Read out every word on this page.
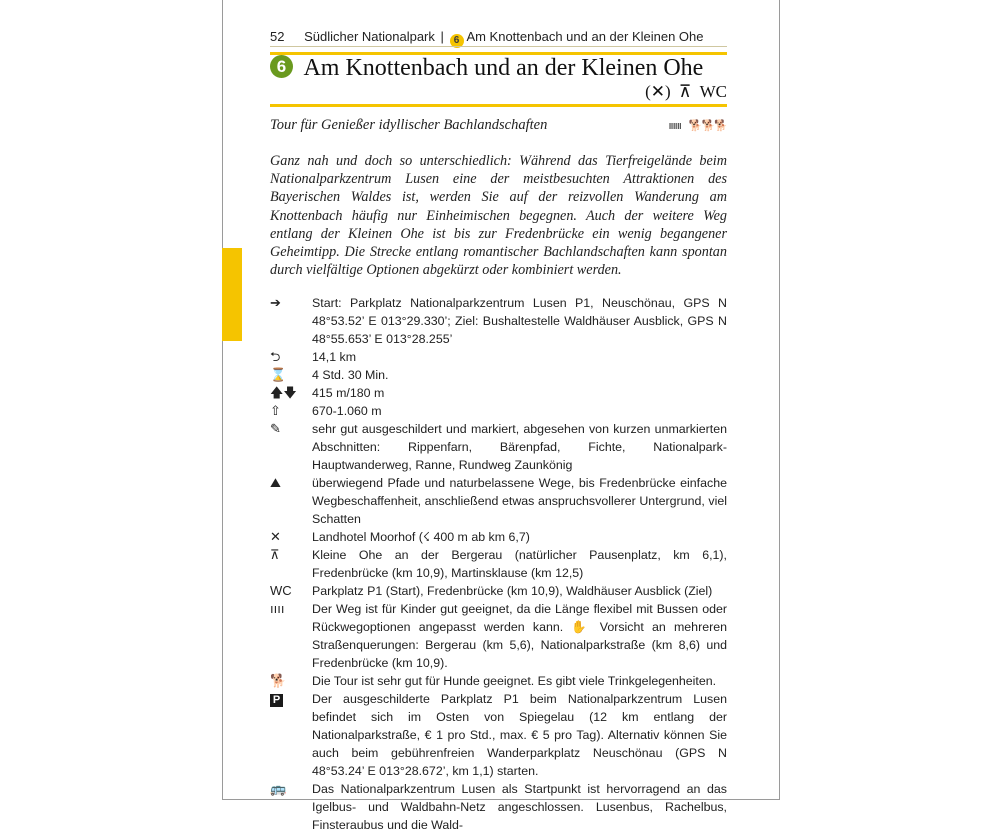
52 Südlicher Nationalpark | 6 Am Knottenbach und an der Kleinen Ohe
6 Am Knottenbach und an der Kleinen Ohe
(✕) ⊼ WC
Tour für Genießer idyllischer Bachlandschaften	ıııııı 🐕🐕🐕
Ganz nah und doch so unterschiedlich: Während das Tierfreigelände beim Nationalparkzentrum Lusen eine der meistbesuchten Attraktionen des Bayerischen Waldes ist, werden Sie auf der reizvollen Wanderung am Knottenbach häufig nur Einheimischen begegnen. Auch der weitere Weg entlang der Kleinen Ohe ist bis zur Fredenbrücke ein wenig begangener Geheimtipp. Die Strecke entlang romantischer Bachlandschaften kann spontan durch vielfältige Optionen abgekürzt oder kombiniert werden.
➔	Start: Parkplatz Nationalparkzentrum Lusen P1, Neuschönau, GPS N 48°53.52’ E 013°29.330’; Ziel: Bushaltestelle Waldhäuser Ausblick, GPS N 48°55.653’ E 013°28.255’
⮌	14,1 km
⌛	4 Std. 30 Min.
🡅🡇	415 m/180 m
⇧	670-1.060 m
✎	sehr gut ausgeschildert und markiert, abgesehen von kurzen unmarkierten Abschnitten: Rippenfarn, Bärenpfad, Fichte, Nationalpark-Hauptwanderweg, Ranne, Rundweg Zaunkönig
⛰	überwiegend Pfade und naturbelassene Wege, bis Fredenbrücke einfache Wegbeschaffenheit, anschließend etwas anspruchsvollerer Untergrund, viel Schatten
✕	Landhotel Moorhof (☇ 400 m ab km 6,7)
⊼	Kleine Ohe an der Bergerau (natürlicher Pausenplatz, km 6,1), Fredenbrücke (km 10,9), Martinsklause (km 12,5)
WC	Parkplatz P1 (Start), Fredenbrücke (km 10,9), Waldhäuser Ausblick (Ziel)
ıııı	Der Weg ist für Kinder gut geeignet, da die Länge flexibel mit Bussen oder Rückwegoptionen angepasst werden kann. ✋ Vorsicht an mehreren Straßenquerungen: Bergerau (km 5,6), Nationalparkstraße (km 8,6) und Fredenbrücke (km 10,9).
🐕	Die Tour ist sehr gut für Hunde geeignet. Es gibt viele Trinkgelegenheiten.
P	Der ausgeschilderte Parkplatz P1 beim Nationalparkzentrum Lusen befindet sich im Osten von Spiegelau (12 km entlang der Nationalparkstraße, € 1 pro Std., max. € 5 pro Tag). Alternativ können Sie auch beim gebührenfreien Wanderparkplatz Neuschönau (GPS N 48°53.24’ E 013°28.672’, km 1,1) starten.
🚌	Das Nationalparkzentrum Lusen als Startpunkt ist hervorragend an das Igelbus- und Waldbahn-Netz angeschlossen. Lusenbus, Rachelbus, Finsteraubus und die Wald-
